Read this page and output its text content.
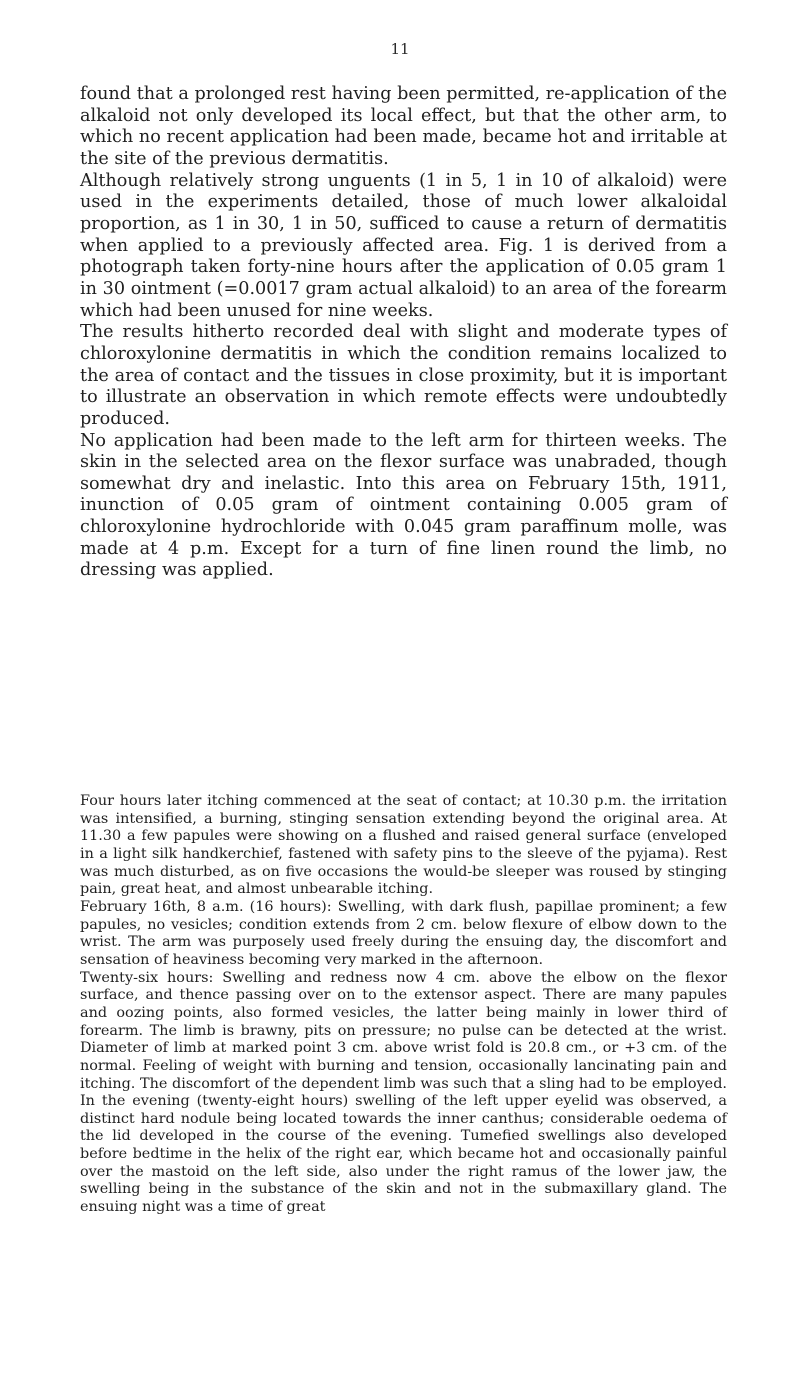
11

found that a prolonged rest having been permitted, re-application of the alkaloid not only developed its local effect, but that the other arm, to which no recent application had been made, became hot and irritable at the site of the previous dermatitis.

Although relatively strong unguents (1 in 5, 1 in 10 of alkaloid) were used in the experiments detailed, those of much lower alkaloidal proportion, as 1 in 30, 1 in 50, sufficed to cause a return of dermatitis when applied to a previously affected area. Fig. 1 is derived from a photograph taken forty-nine hours after the application of 0.05 gram 1 in 30 ointment (=0.0017 gram actual alkaloid) to an area of the forearm which had been unused for nine weeks.

The results hitherto recorded deal with slight and moderate types of chloroxylonine dermatitis in which the condition remains localized to the area of contact and the tissues in close proximity, but it is important to illustrate an observation in which remote effects were undoubtedly produced.

No application had been made to the left arm for thirteen weeks. The skin in the selected area on the flexor surface was unabraded, though somewhat dry and inelastic. Into this area on February 15th, 1911, inunction of 0.05 gram of ointment containing 0.005 gram of chloroxylonine hydrochloride with 0.045 gram paraffinum molle, was made at 4 p.m. Except for a turn of fine linen round the limb, no dressing was applied.

Four hours later itching commenced at the seat of contact; at 10.30 p.m. the irritation was intensified, a burning, stinging sensation extending beyond the original area. At 11.30 a few papules were showing on a flushed and raised general surface (enveloped in a light silk handkerchief, fastened with safety pins to the sleeve of the pyjama). Rest was much disturbed, as on five occasions the would-be sleeper was roused by stinging pain, great heat, and almost unbearable itching.

February 16th, 8 a.m. (16 hours): Swelling, with dark flush, papillae prominent; a few papules, no vesicles; condition extends from 2 cm. below flexure of elbow down to the wrist. The arm was purposely used freely during the ensuing day, the discomfort and sensation of heaviness becoming very marked in the afternoon.

Twenty-six hours: Swelling and redness now 4 cm. above the elbow on the flexor surface, and thence passing over on to the extensor aspect. There are many papules and oozing points, also formed vesicles, the latter being mainly in lower third of forearm. The limb is brawny, pits on pressure; no pulse can be detected at the wrist. Diameter of limb at marked point 3 cm. above wrist fold is 20.8 cm., or +3 cm. of the normal. Feeling of weight with burning and tension, occasionally lancinating pain and itching. The discomfort of the dependent limb was such that a sling had to be employed. In the evening (twenty-eight hours) swelling of the left upper eyelid was observed, a distinct hard nodule being located towards the inner canthus; considerable oedema of the lid developed in the course of the evening. Tumefied swellings also developed before bedtime in the helix of the right ear, which became hot and occasionally painful over the mastoid on the left side, also under the right ramus of the lower jaw, the swelling being in the substance of the skin and not in the submaxillary gland. The ensuing night was a time of great
